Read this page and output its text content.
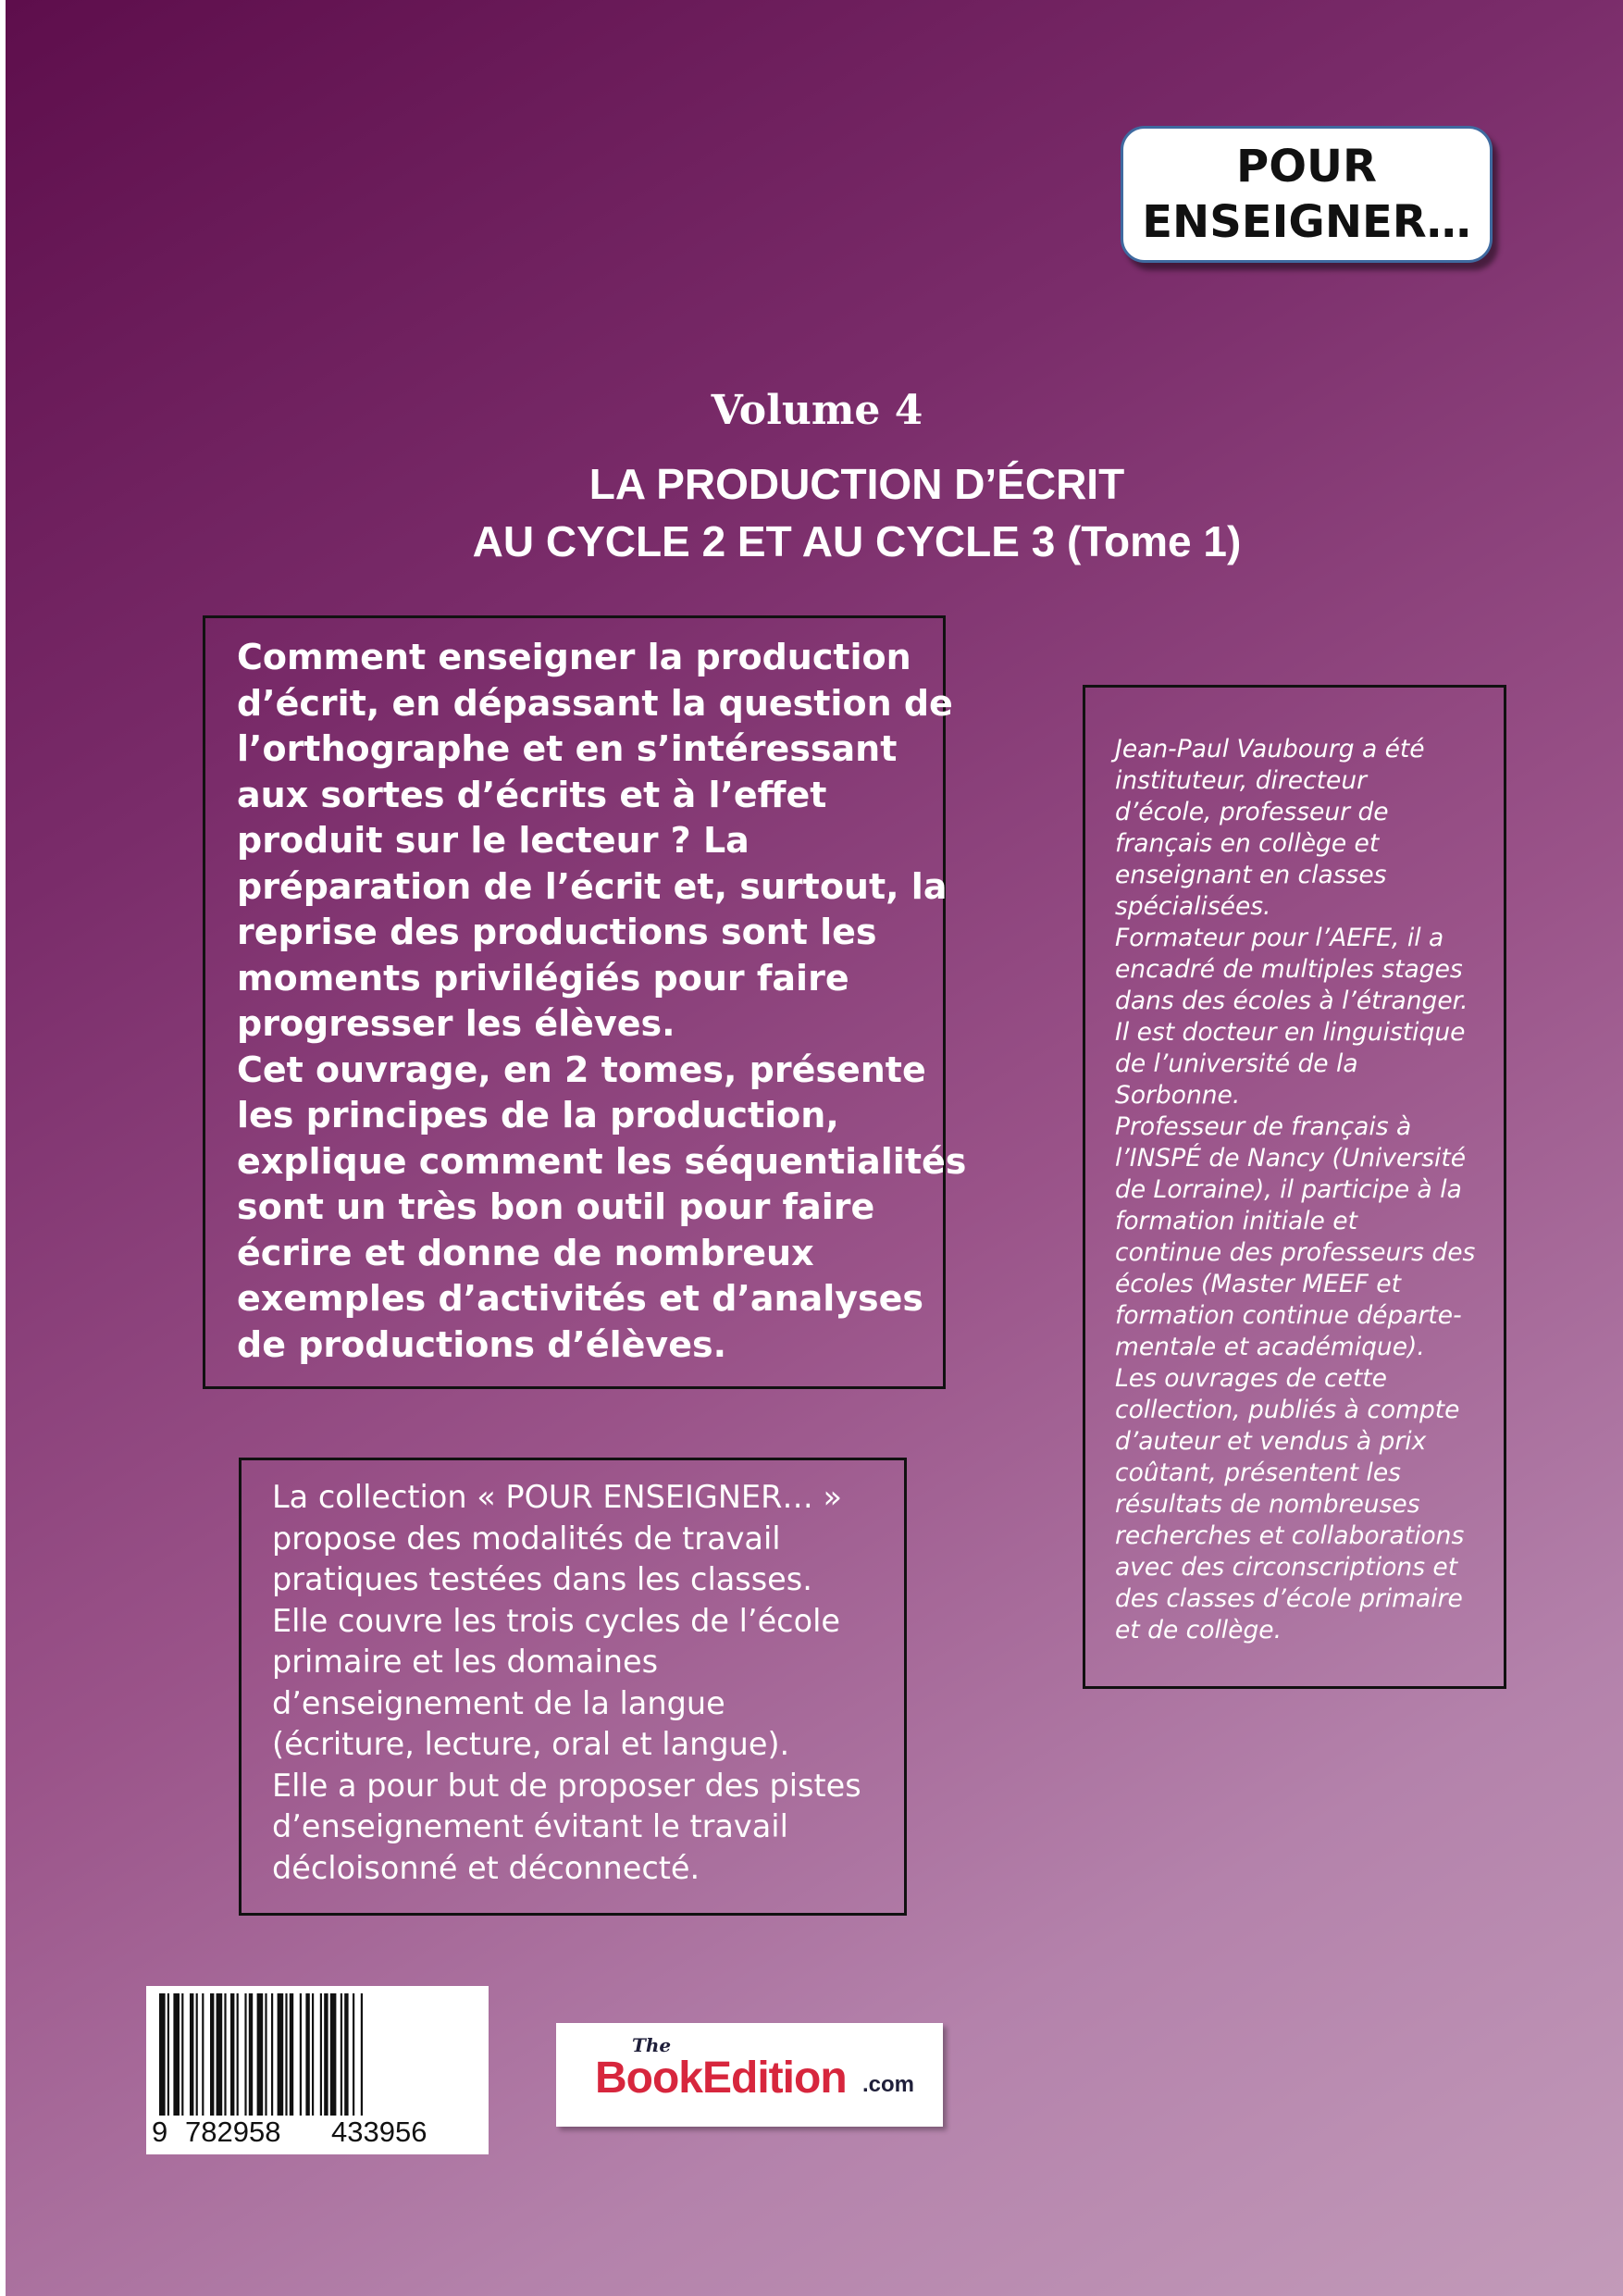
POUR
ENSEIGNER…
Volume 4
LA PRODUCTION D’ÉCRIT
AU CYCLE 2 ET AU CYCLE 3 (Tome 1)
Comment enseigner la production
d’écrit, en dépassant la question de
l’orthographe et en s’intéressant
aux sortes d’écrits et à l’effet
produit sur le lecteur ? La
préparation de l’écrit et, surtout, la
reprise des productions sont les
moments privilégiés pour faire
progresser les élèves.
Cet ouvrage, en 2 tomes, présente
les principes de la production,
explique comment les séquentialités
sont un très bon outil pour faire
écrire et donne de nombreux
exemples d’activités et d’analyses
de productions d’élèves.
Jean-Paul Vaubourg a été
instituteur, directeur
d’école, professeur de
français en collège et
enseignant en classes
spécialisées.
Formateur pour l’AEFE, il a
encadré de multiples stages
dans des écoles à l’étranger.
Il est docteur en linguistique
de l’université de la
Sorbonne.
Professeur de français à
l’INSPÉ de Nancy (Université
de Lorraine), il participe à la
formation initiale et
continue des professeurs des
écoles (Master MEEF et
formation continue départe-
mentale et académique).
Les ouvrages de cette
collection, publiés à compte
d’auteur et vendus à prix
coûtant, présentent les
résultats de nombreuses
recherches et collaborations
avec des circonscriptions et
des classes d’école primaire
et de collège.
La collection « POUR ENSEIGNER… »
propose des modalités de travail
pratiques testées dans les classes.
Elle couvre les trois cycles de l’école
primaire et les domaines
d’enseignement de la langue
(écriture, lecture, oral et langue).
Elle a pour but de proposer des pistes
d’enseignement évitant le travail
décloisonné et déconnecté.
9 782958 433956
The
BookEdition .com
